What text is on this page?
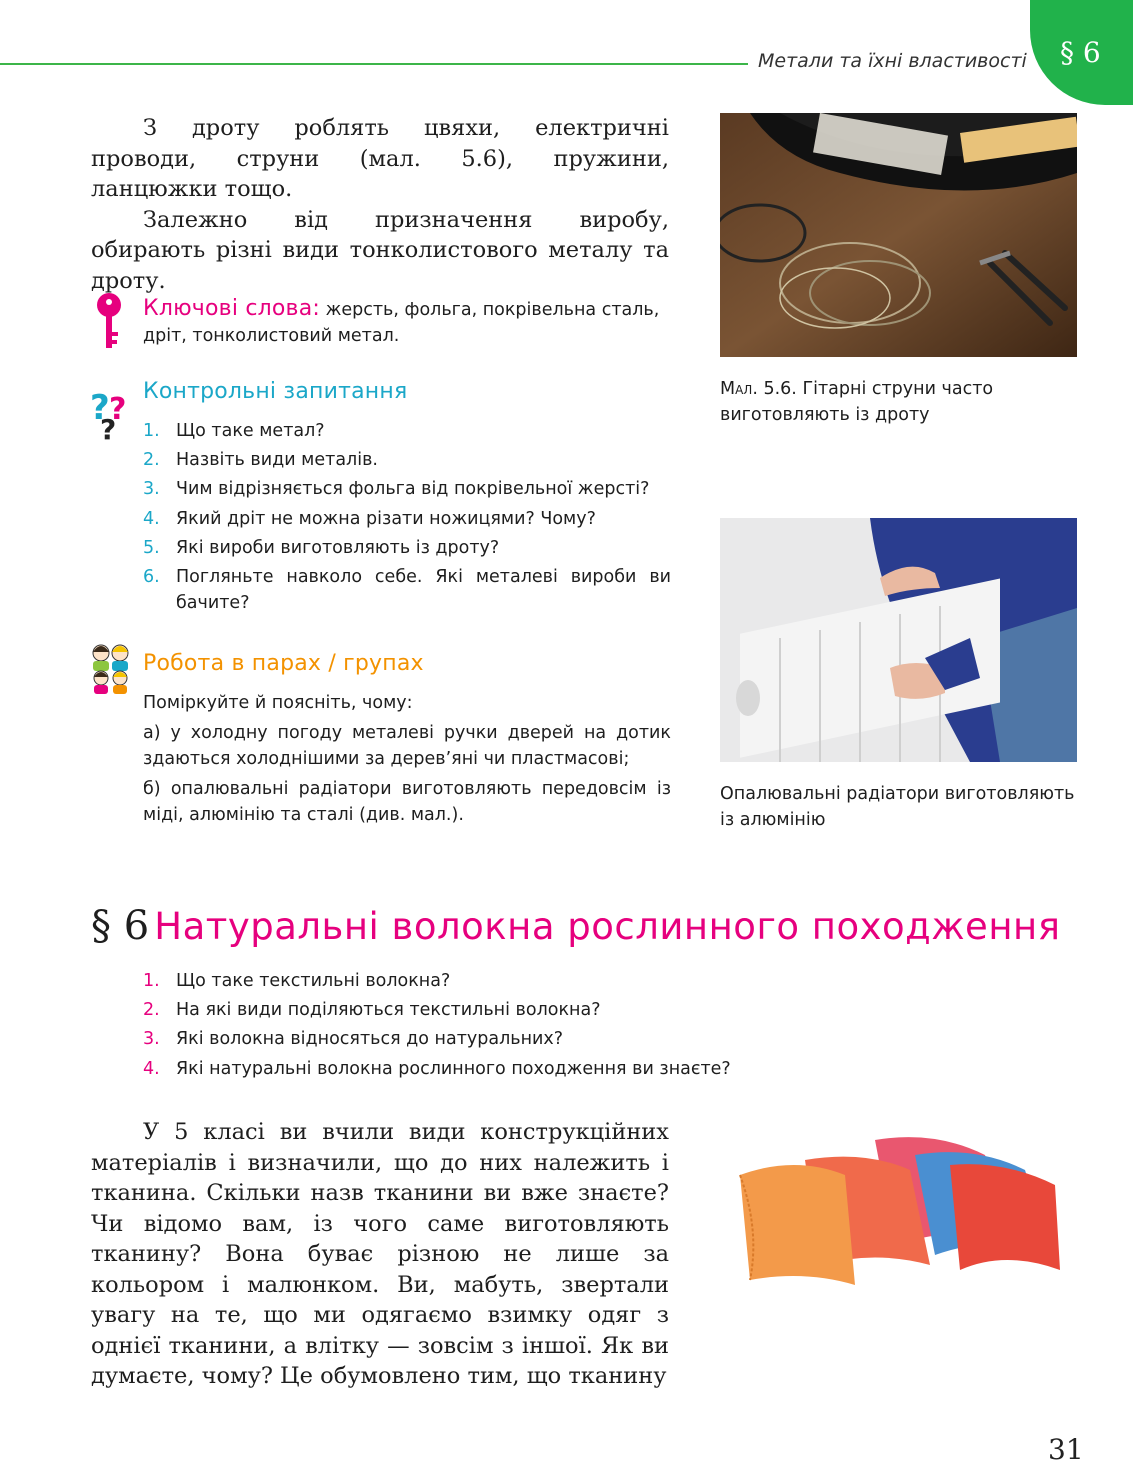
Метали та їхні властивості § 6

З дроту роблять цвяхи, електричні проводи, струни (мал. 5.6), пружини, ланцюжки тощо.

Залежно від призначення виробу, обирають різні види тонколистового металу та дроту.

Ключові слова: жерсть, фольга, покрівельна сталь, дріт, тонколистовий метал.
? ?
?
Контрольні запитання
1. Що таке метал?
2. Назвіть види металів.
3. Чим відрізняється фольга від покрівельної жерсті?
4. Який дріт не можна різати ножицями? Чому?
5. Які вироби виготовляють із дроту?
6. Погляньте навколо себе. Які металеві вироби ви бачите?
Робота в парах / групах
Поміркуйте й поясніть, чому:
а) у холодну погоду металеві ручки дверей на дотик здаються холоднішими за дерев’яні чи пластмасові;
б) опалювальні радіатори виготовляють передовсім із міді, алюмінію та сталі (див. мал.).
Мал. 5.6. Гітарні струни часто виготовляють із дроту
Опалювальні радіатори виготовляють із алюмінію
§ 6 Натуральні волокна рослинного походження
1. Що таке текстильні волокна?
2. На які види поділяються текстильні волокна?
3. Які волокна відносяться до натуральних?
4. Які натуральні волокна рослинного походження ви знаєте?

У 5 класі ви вчили види конструкційних матеріалів і визначили, що до них належить і тканина. Скільки назв тканини ви вже знаєте? Чи відомо вам, із чого саме виготовляють тканину? Вона буває різною не лише за кольором і малюнком. Ви, мабуть, звертали увагу на те, що ми одягаємо взимку одяг з однієї тканини, а влітку — зовсім з іншої. Як ви думаєте, чому? Це обумовлено тим, що тканину

31
